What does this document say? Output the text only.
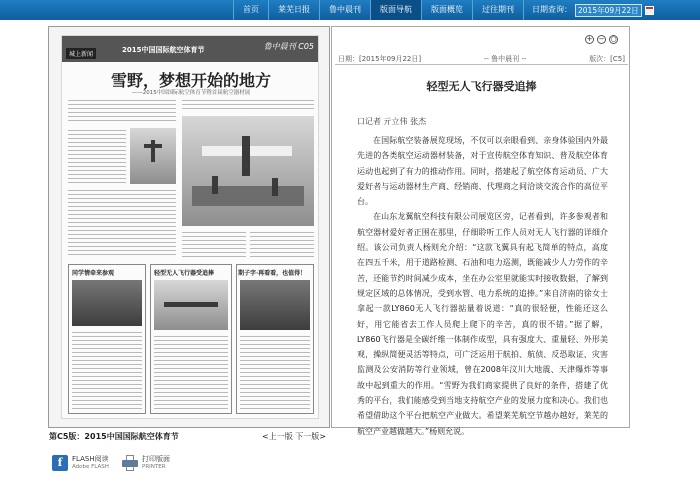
首页	莱芜日报	鲁中晨刊	版面导航	版面概览	过往期刊	日期查询： 2015年09月22日
城上新闻
2015中国国际航空体育节	鲁中晨刊 C05
雪野，梦想开始的地方
——2015中国国际航空体育节暨首届航空器材展
同学情牵来参观	轻型无人飞行器受追捧	期子字·再看看，也值得！
第C5版：2015中国国际航空体育节	<上一版 下一版>
f	FLASH阅读
Adobe FLASH
打印版面
PRINTER
+ − ○
日期：[2015年09月22日]	-- 鲁中晨刊 --	版次：[C5]
轻型无人飞行器受追捧
口记者 亓立伟 张杰

在国际航空装备展览现场，不仅可以亲眼看到、亲身体验国内外最先进的各类航空运动器材装备，对于宣传航空体育知识、普及航空体育运动也起到了有力的推动作用。同时，搭建起了航空体育运动员、广大爱好者与运动器材生产商、经销商、代理商之间洽谈交流合作的高位平台。

在山东龙翼航空科技有限公司展览区旁，记者看到，许多参观者和航空器材爱好者正围在那里，仔细聆听工作人员对无人飞行器的详细介绍。该公司负责人杨则允介绍：“这款飞翼具有起飞简单的特点，高度在四五千米，用于道路检测、石油和电力巡测，既能减少人力劳作的辛苦，还能节约时间减少成本，坐在办公室里就能实时接收数据，了解到规定区域的总体情况，受到水管、电力系统的追捧。”来自济南的徐女士拿起一款LY860无人飞行器掂量着说道：“真的很轻便，性能还这么好，用它能省去工作人员爬上爬下的辛苦，真的很不错。”据了解，LY860飞行器是全碳纤维一体制作成型，具有强度大、重量轻、外形美观，操纵简便灵活等特点，可广泛运用于航拍、航侦、反恐取证、灾害监测及公安消防等行业领域，曾在2008年汶川大地震、天津爆炸等事故中起到重大的作用。“雪野为我们商家提供了良好的条件，搭建了优秀的平台，我们能感受到当地支持航空产业的发展力度和决心。我们也希望借助这个平台把航空产业做大。希望莱芜航空节越办越好，莱芜的航空产业越做越大。”杨则允说。
